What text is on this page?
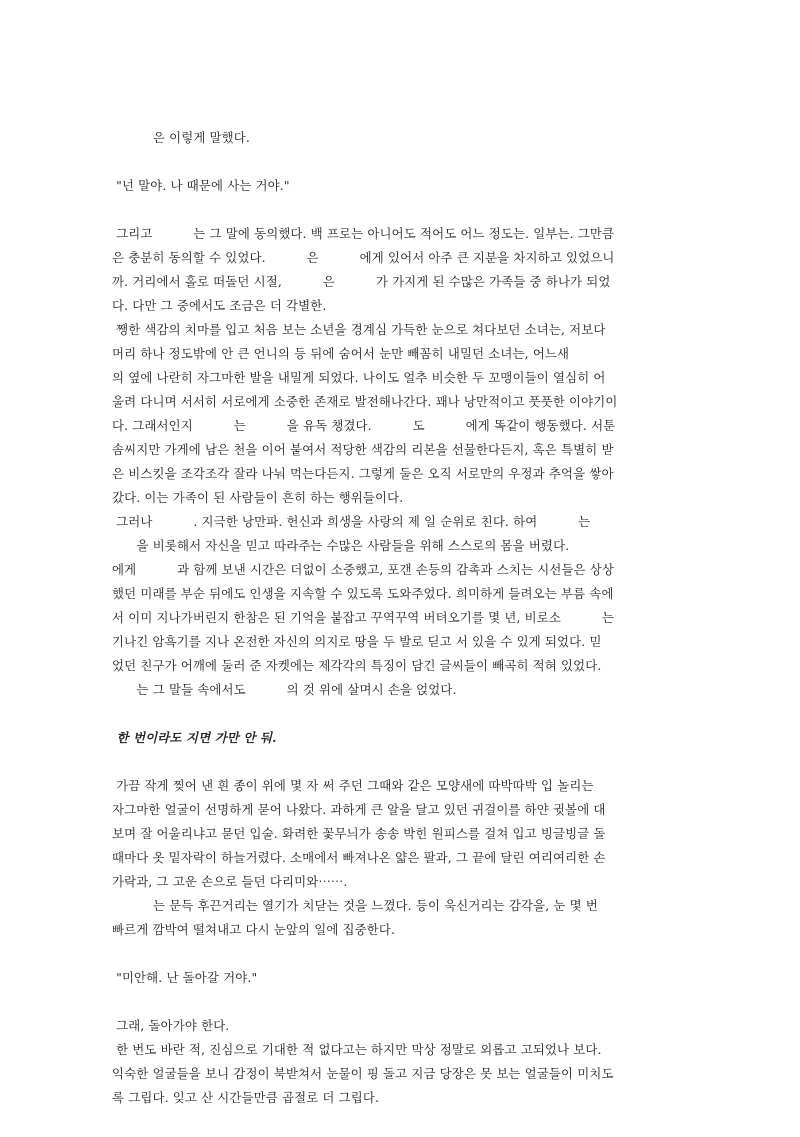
은 이렇게 말했다.
"넌 말야. 나 때문에 사는 거야."
그리고          는 그 말에 동의했다. 백 프로는 아니어도 적어도 어느 정도는. 일부는. 그만큼
은 충분히 동의할 수 있었다.          은          에게 있어서 아주 큰 지분을 차지하고 있었으니
까. 거리에서 홀로 떠돌던 시절,          은          가 가지게 된 수많은 가족들 중 하나가 되었
다. 다만 그 중에서도 조금은 더 각별한.
쨍한 색감의 치마를 입고 처음 보는 소년을 경계심 가득한 눈으로 쳐다보던 소녀는, 저보다
머리 하나 정도밖에 안 큰 언니의 등 뒤에 숨어서 눈만 빼꼼히 내밀던 소녀는, 어느새
의 옆에 나란히 자그마한 발을 내밀게 되었다. 나이도 얼추 비슷한 두 꼬맹이들이 열심히 어
울려 다니며 서서히 서로에게 소중한 존재로 발전해나간다. 꽤나 낭만적이고 풋풋한 이야기이
다. 그래서인지          는          을 유독 챙겼다.          도          에게 똑같이 행동했다. 서툰
솜씨지만 가게에 남은 천을 이어 붙여서 적당한 색감의 리본을 선물한다든지, 혹은 특별히 받
은 비스킷을 조각조각 잘라 나눠 먹는다든지. 그렇게 둘은 오직 서로만의 우정과 추억을 쌓아
갔다. 이는 가족이 된 사람들이 흔히 하는 행위들이다.
그러나          . 지극한 낭만파. 헌신과 희생을 사랑의 제 일 순위로 친다. 하여          는
을 비롯해서 자신을 믿고 따라주는 수많은 사람들을 위해 스스로의 몸을 버렸다.
에게          과 함께 보낸 시간은 더없이 소중했고, 포갠 손등의 감촉과 스치는 시선들은 상상
했던 미래를 부순 뒤에도 인생을 지속할 수 있도록 도와주었다. 희미하게 들려오는 부름 속에
서 이미 지나가버린지 한참은 된 기억을 붙잡고 꾸역꾸역 버텨오기를 몇 년, 비로소          는
기나긴 암흑기를 지나 온전한 자신의 의지로 땅을 두 발로 딛고 서 있을 수 있게 되었다. 믿
었던 친구가 어깨에 둘러 준 자켓에는 제각각의 특징이 담긴 글씨들이 빼곡히 적혀 있었다.
는 그 말들 속에서도          의 것 위에 살며시 손을 얹었다.
한 번이라도 지면 가만 안 둬.
가끔 작게 찢어 낸 흰 종이 위에 몇 자 써 주던 그때와 같은 모양새에 따박따박 입 놀리는
자그마한 얼굴이 선명하게 묻어 나왔다. 과하게 큰 알을 달고 있던 귀걸이를 하얀 귓볼에 대
보며 잘 어울리냐고 묻던 입술. 화려한 꽃무늬가 송송 박힌 원피스를 걸쳐 입고 빙글빙글 돌
때마다 옷 밑자락이 하늘거렸다. 소매에서 빠져나온 얇은 팔과, 그 끝에 달린 여리여리한 손
가락과, 그 고운 손으로 들던 다리미와⋯⋯.
는 문득 후끈거리는 열기가 치닫는 것을 느꼈다. 등이 욱신거리는 감각을, 눈 몇 번
빠르게 깜박여 떨쳐내고 다시 눈앞의 일에 집중한다.
"미안해. 난 돌아갈 거야."
그래, 돌아가야 한다.
한 번도 바란 적, 진심으로 기대한 적 없다고는 하지만 막상 정말로 외롭고 고되었나 보다.
익숙한 얼굴들을 보니 감정이 북받쳐서 눈물이 핑 돌고 지금 당장은 못 보는 얼굴들이 미치도
록 그립다. 잊고 산 시간들만큼 곱절로 더 그립다.
